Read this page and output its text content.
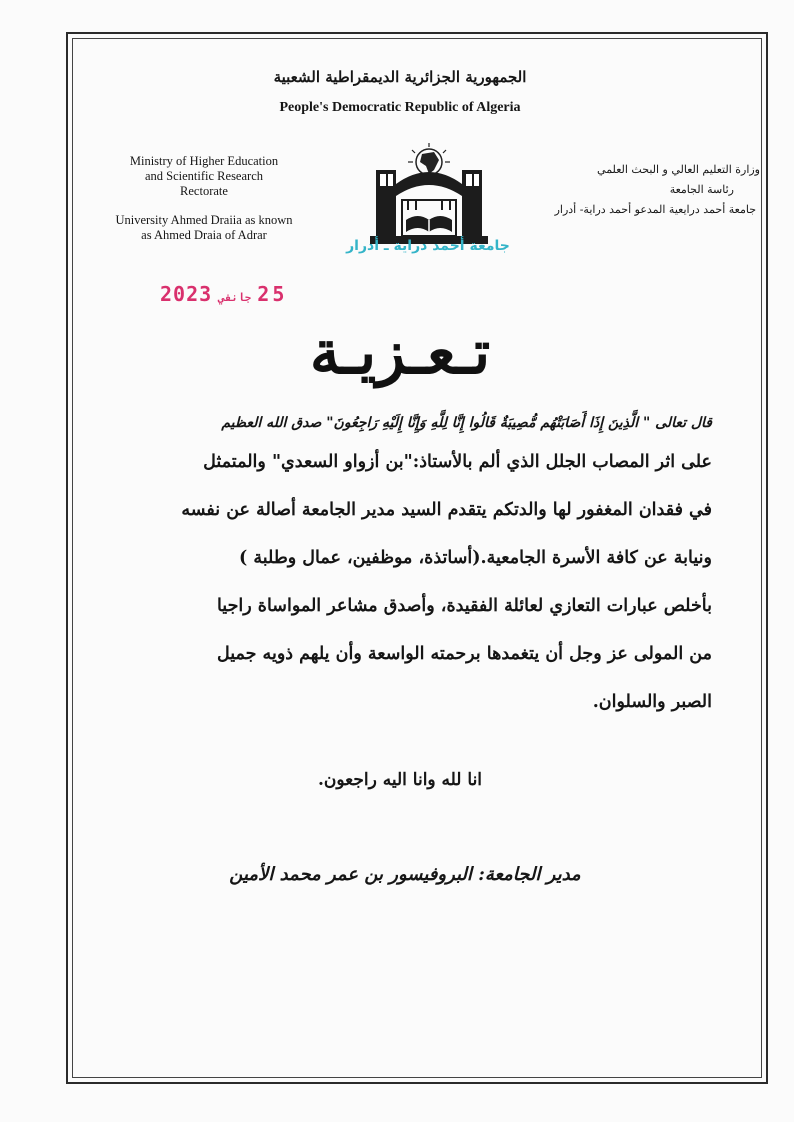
الجمهورية الجزائرية الديمقراطية الشعبية
People's Democratic Republic of Algeria
Ministry of Higher Education
and Scientific Research
Rectorate
University Ahmed Draiia as known
as Ahmed Draia of Adrar
وزارة التعليم العالي و البحث العلمي
رئاسة الجامعة
جامعة أحمد درايعية المدعو أحمد دراية- أدرار
جامعة أحمد دراية ـ أدرار
2023 جانفي 25
تـعـزيـة
قال تعالى " الَّذِينَ إِذَا أَصَابَتْهُم مُّصِيبَةٌ قَالُوا إِنَّا لِلَّهِ وَإِنَّا إِلَيْهِ رَاجِعُونَ" صدق الله العظيم
على اثر المصاب الجلل الذي ألم بالأستاذ:"بن أزواو السعدي" والمتمثل
في فقدان المغفور لها والدتكم يتقدم السيد مدير الجامعة أصالة عن نفسه
ونيابة عن كافة الأسرة الجامعية.(أساتذة، موظفين، عمال وطلبة )
بأخلص عبارات التعازي لعائلة الفقيدة، وأصدق مشاعر المواساة راجيا
من المولى عز وجل أن يتغمدها برحمته الواسعة وأن يلهم ذويه جميل
الصبر والسلوان.
انا لله وانا اليه راجعون.
مدير الجامعة: البروفيسور بن عمر محمد الأمين
